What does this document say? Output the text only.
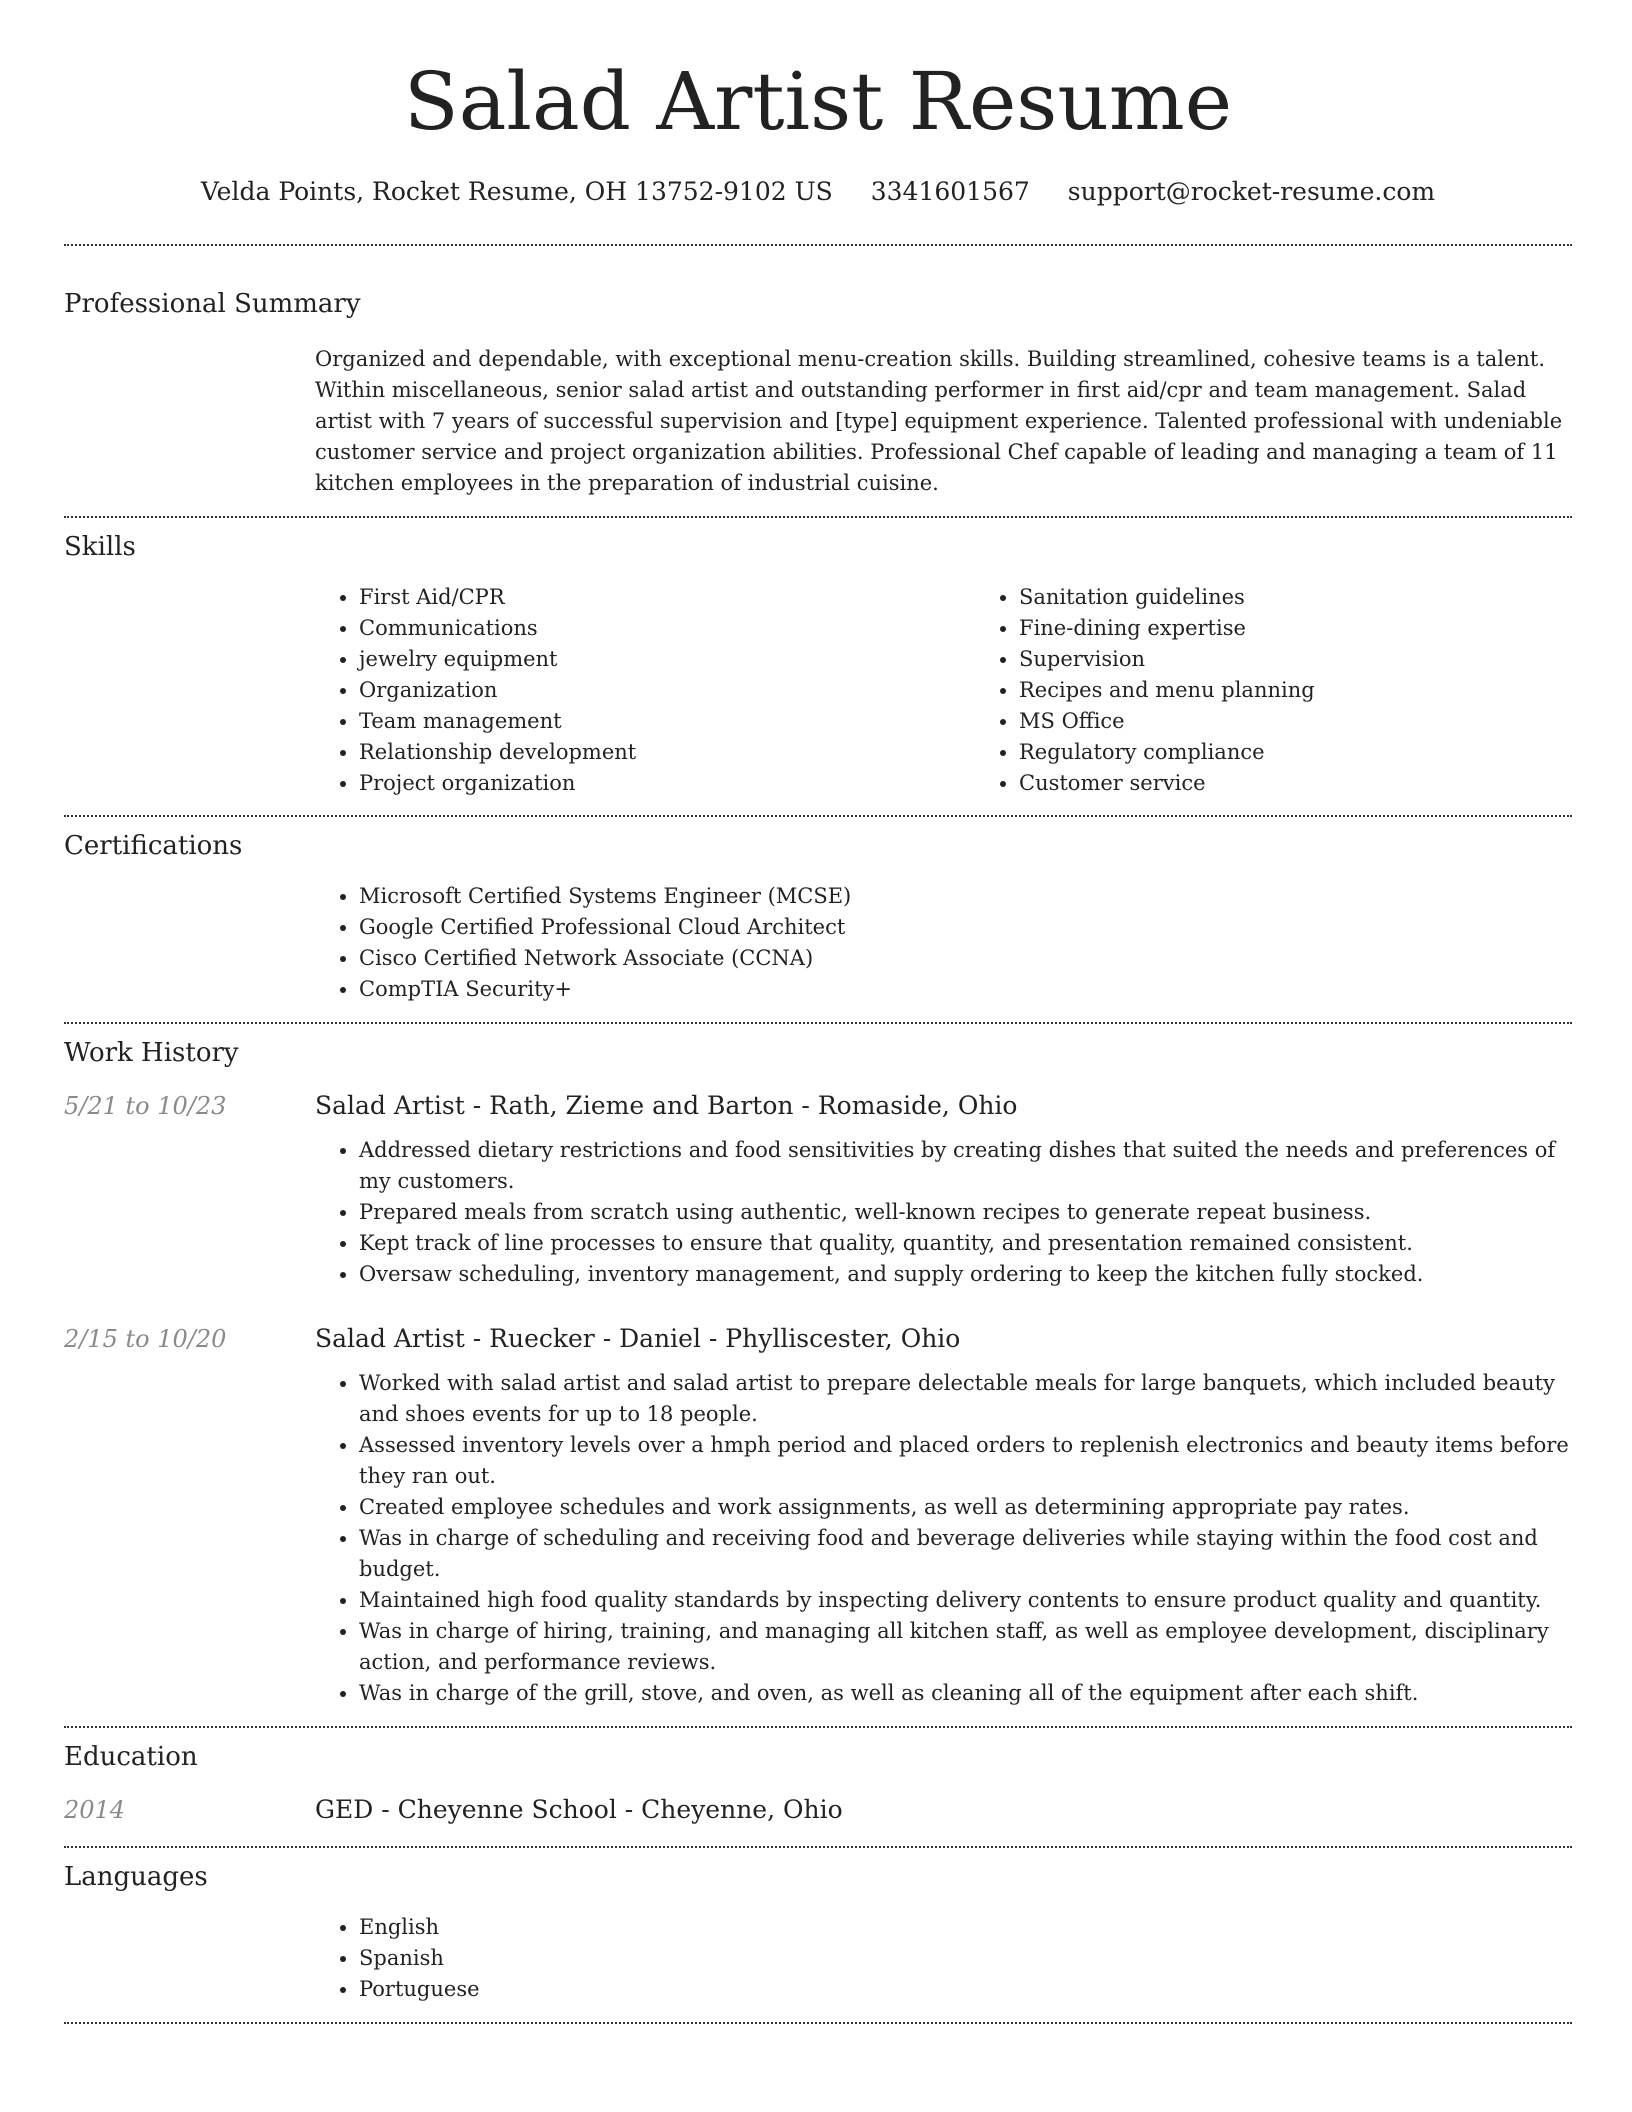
Salad Artist Resume
Velda Points, Rocket Resume, OH 13752-9102 US 3341601567 support@rocket-resume.com
Professional Summary
Organized and dependable, with exceptional menu-creation skills. Building streamlined, cohesive teams is a talent. Within miscellaneous, senior salad artist and outstanding performer in first aid/cpr and team management. Salad artist with 7 years of successful supervision and [type] equipment experience. Talented professional with undeniable customer service and project organization abilities. Professional Chef capable of leading and managing a team of 11 kitchen employees in the preparation of industrial cuisine.
Skills
• First Aid/CPR
• Communications
• jewelry equipment
• Organization
• Team management
• Relationship development
• Project organization
• Sanitation guidelines
• Fine-dining expertise
• Supervision
• Recipes and menu planning
• MS Office
• Regulatory compliance
• Customer service
Certifications
• Microsoft Certified Systems Engineer (MCSE)
• Google Certified Professional Cloud Architect
• Cisco Certified Network Associate (CCNA)
• CompTIA Security+
Work History
5/21 to 10/23	Salad Artist - Rath, Zieme and Barton - Romaside, Ohio
• Addressed dietary restrictions and food sensitivities by creating dishes that suited the needs and preferences of my customers.
• Prepared meals from scratch using authentic, well-known recipes to generate repeat business.
• Kept track of line processes to ensure that quality, quantity, and presentation remained consistent.
• Oversaw scheduling, inventory management, and supply ordering to keep the kitchen fully stocked.
2/15 to 10/20	Salad Artist - Ruecker - Daniel - Phylliscester, Ohio
• Worked with salad artist and salad artist to prepare delectable meals for large banquets, which included beauty and shoes events for up to 18 people.
• Assessed inventory levels over a hmph period and placed orders to replenish electronics and beauty items before they ran out.
• Created employee schedules and work assignments, as well as determining appropriate pay rates.
• Was in charge of scheduling and receiving food and beverage deliveries while staying within the food cost and budget.
• Maintained high food quality standards by inspecting delivery contents to ensure product quality and quantity.
• Was in charge of hiring, training, and managing all kitchen staff, as well as employee development, disciplinary action, and performance reviews.
• Was in charge of the grill, stove, and oven, as well as cleaning all of the equipment after each shift.
Education
2014	GED - Cheyenne School - Cheyenne, Ohio
Languages
• English
• Spanish
• Portuguese
